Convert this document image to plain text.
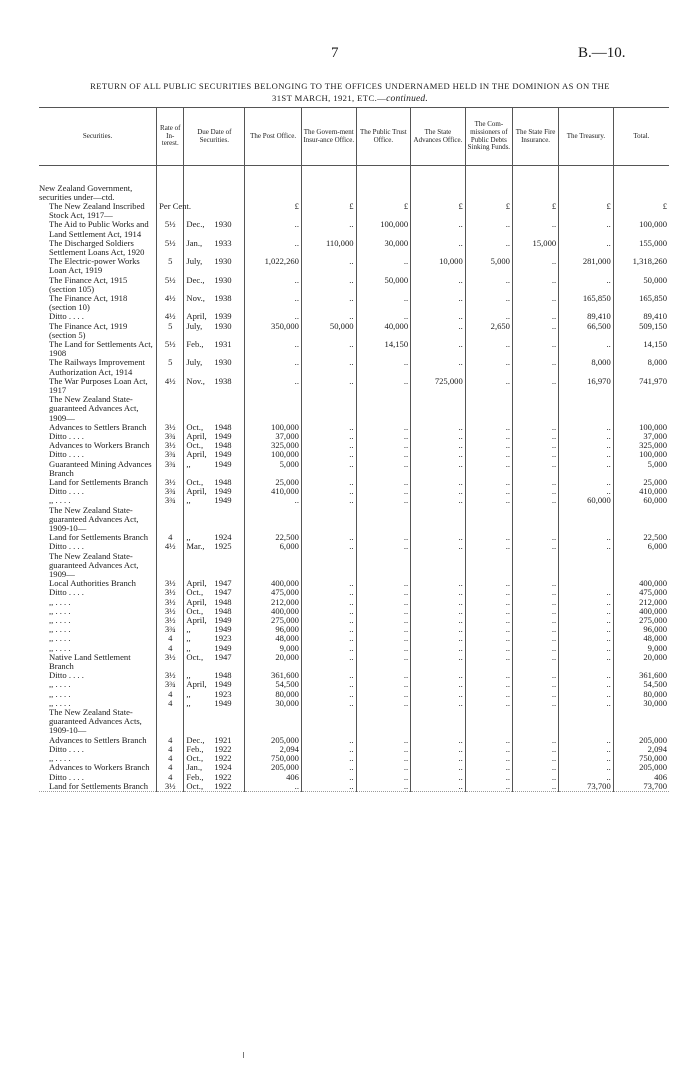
7	B.—10.
RETURN OF ALL PUBLIC SECURITIES BELONGING TO THE OFFICES UNDERNAMED HELD IN THE DOMINION AS ON THE
31ST MARCH, 1921, ETC.—continued.
Securities.	Rate of In-terest.	Due Date of Securities.	The Post Office.	The Govern-ment Insur-ance Office.	The Public Trust Office.	The State Advances Office.	The Com-missioners of Public Debts Sinking Funds.	The State Fire Insurance.	The Treasury.	Total.

New Zealand Government, securities under—ctd.										
The New Zealand Inscribed Stock Act, 1917—	Per Cent.		£	£	£	£	£	£	£	£
The Aid to Public Works and Land Settlement Act, 1914	5½	Dec., 1930	..	..	100,000	..	..	..	..	100,000
The Discharged Soldiers Settlement Loans Act, 1920	5½	Jan., 1933	..	110,000	30,000	..	..	15,000	..	155,000
The Electric-power Works Loan Act, 1919	5	July, 1930	1,022,260	..	..	10,000	5,000	..	281,000	1,318,260
The Finance Act, 1915 (section 105)	5½	Dec., 1930	..	..	50,000	..	..	..	..	50,000
The Finance Act, 1918 (section 10)	4½	Nov., 1938	..	..	..	..	..	..	165,850	165,850
Ditto . . . .	4½	April, 1939	..	..	..	..	..	..	89,410	89,410
The Finance Act, 1919 (section 5)	5	July, 1930	350,000	50,000	40,000	..	2,650	..	66,500	509,150
The Land for Settlements Act, 1908	5½	Feb., 1931	..	..	14,150	..	..	..	..	14,150
The Railways Improvement Authorization Act, 1914	5	July, 1930	..	..	..	..	..	..	8,000	8,000
The War Purposes Loan Act, 1917	4½	Nov., 1938	..	..	..	725,000	..	..	16,970	741,970
The New Zealand State-guaranteed Advances Act, 1909—										
Advances to Settlers Branch	3½	Oct., 1948	100,000	..	..	..	..	..	..	100,000
Ditto . . . .	3¾	April, 1949	37,000	..	..	..	..	..	..	37,000
Advances to Workers Branch	3½	Oct., 1948	325,000	..	..	..	..	..	..	325,000
Ditto . . . .	3¾	April, 1949	100,000	..	..	..	..	..	..	100,000
Guaranteed Mining Advances Branch	3¾	,, 1949	5,000	..	..	..	..	..	..	5,000
Land for Settlements Branch	3½	Oct., 1948	25,000	..	..	..	..	..	..	25,000
Ditto . . . .	3¾	April, 1949	410,000	..	..	..	..	..	..	410,000
,, . . . .	3¾	,, 1949	..	..	..	..	..	..	60,000	60,000
The New Zealand State-guaranteed Advances Act, 1909-10—										
Land for Settlements Branch	4	,, 1924	22,500	..	..	..	..	..	..	22,500
Ditto . . . .	4½	Mar., 1925	6,000	..	..	..	..	..	..	6,000
The New Zealand State-guaranteed Advances Act, 1909—										
Local Authorities Branch	3½	April, 1947	400,000	..	..	..	..	..		400,000
Ditto . . . .	3½	Oct., 1947	475,000	..	..	..	..	..	..	475,000
,, . . . .	3½	April, 1948	212,000	..	..	..	..	..	..	212,000
,, . . . .	3½	Oct., 1948	400,000	..	..	..	..	..	..	400,000
,, . . . .	3½	April, 1949	275,000	..	..	..	..	..	..	275,000
,, . . . .	3¾	,, 1949	96,000	..	..	..	..	..	..	96,000
,, . . . .	4	,, 1923	48,000	..	..	..	..	..	..	48,000
,, . . . .	4	,, 1949	9,000	..	..	..	..	..	..	9,000
Native Land Settlement Branch	3½	Oct., 1947	20,000	..	..	..	..	..	..	20,000
Ditto . . . .	3½	,, 1948	361,600	..	..	..	..	..	..	361,600
,, . . . .	3¾	April, 1949	54,500	..	..	..	..	..	..	54,500
,, . . . .	4	,, 1923	80,000	..	..	..	..	..	..	80,000
,, . . . .	4	,, 1949	30,000	..	..	..	..	..	..	30,000
The New Zealand State-guaranteed Advances Acts, 1909-10—										
Advances to Settlers Branch	4	Dec., 1921	205,000	..	..	..	..	..	..	205,000
Ditto . . . .	4	Feb., 1922	2,094	..	..	..	..	..	..	2,094
,, . . . .	4	Oct., 1922	750,000	..	..	..	..	..	..	750,000
Advances to Workers Branch	4	Jan., 1924	205,000	..	..	..	..	..	..	205,000
Ditto . . . .	4	Feb., 1922	406	..	..	..	..	..	..	406
Land for Settlements Branch	3½	Oct., 1922	..	..	..	..	..	..	73,700	73,700
